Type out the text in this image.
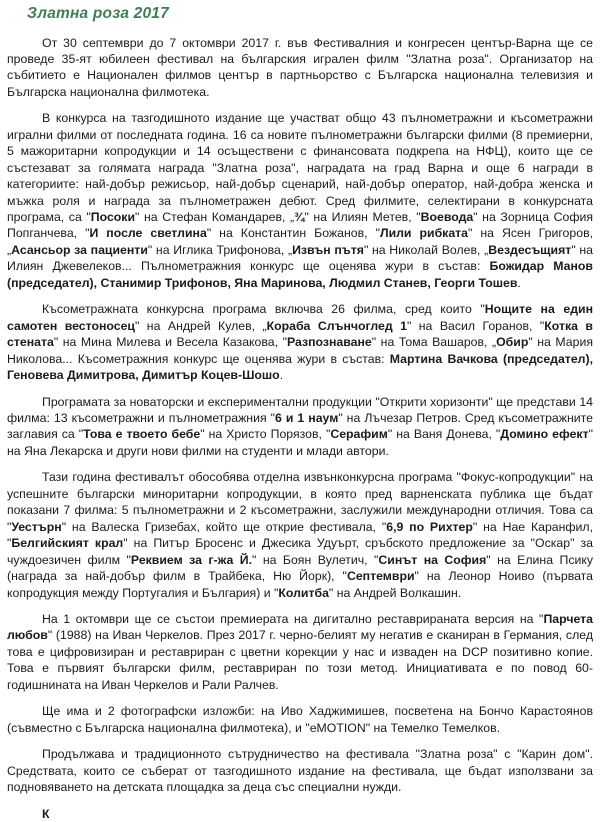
Златна роза 2017

От 30 септември до 7 октомври 2017 г. във Фестивалния и конгресен център-Варна ще се проведе 35-ят юбилеен фестивал на българския игрален филм "Златна роза". Организатор на събитието е Национален филмов център в партньорство с Българска национална телевизия и Българска национална филмотека.

В конкурса на тазгодишното издание ще участват общо 43 пълнометражни и късометражни игрални филми от последната година. 16 са новите пълнометражни български филми (8 премиерни, 5 мажоритарни копродукции и 14 осъществени с финансовата подкрепа на НФЦ), които ще се състезават за голямата награда "Златна роза", наградата на град Варна и още 6 награди в категориите: най-добър режисьор, най-добър сценарий, най-добър оператор, най-добра женска и мъжка роля и награда за пълнометражен дебют. Сред филмите, селектирани в конкурсната програма, са "Посоки" на Стефан Командарев, „¾" на Илиян Метев, "Воевода" на Зорница София Попганчева, "И после светлина" на Константин Божанов, "Лили рибката" на Ясен Григоров, „Асансьор за пациенти" на Иглика Трифонова, „Извън пътя" на Николай Волев, „Вездесъщият" на Илиян Джевелеков... Пълнометражния конкурс ще оценява жури в състав: Божидар Манов (председател), Станимир Трифонов, Яна Маринова, Людмил Станев, Георги Тошев.

Късометражната конкурсна програма включва 26 филма, сред които "Нощите на един самотен вестоносец" на Андрей Кулев, „Кораба Слънчоглед 1" на Васил Горанов, "Котка в стената" на Мина Милева и Весела Казакова, "Разпознаване" на Тома Вашаров, „Обир" на Мария Николова... Късометражния конкурс ще оценява жури в състав: Мартина Вачкова (председател), Геновева Димитрова, Димитър Коцев-Шошо.

Програмата за новаторски и експериментални продукции "Открити хоризонти" ще представи 14 филма: 13 късометражни и пълнометражния "6 и 1 наум" на Лъчезар Петров. Сред късометражните заглавия са "Това е твоето бебе" на Христо Порязов, "Серафим" на Ваня Донева, "Домино ефект" на Яна Лекарска и други нови филми на студенти и млади автори.

Тази година фестивалът обособява отделна извънконкурсна програма "Фокус-копродукции" на успешните български миноритарни копродукции, в която пред варненската публика ще бъдат показани 7 филма: 5 пълнометражни и 2 късометражни, заслужили международни отличия. Това са "Уестърн" на Валеска Гризебах, който ще открие фестивала, "6,9 по Рихтер" на Нае Каранфил, "Белгийският крал" на Питър Бросенс и Джесика Удуърт, сръбското предложение за "Оскар" за чуждоезичен филм "Реквием за г-жа Й." на Боян Вулетич, "Синът на София" на Елина Псику (награда за най-добър филм в Трайбека, Ню Йорк), "Септември" на Леонор Ноиво (първата копродукция между Португалия и България) и "Колитба" на Андрей Волкашин.

На 1 октомври ще се състои премиерата на дигитално реставрираната версия на "Парчета любов" (1988) на Иван Черкелов. През 2017 г. черно-белият му негатив е сканиран в Германия, след това е цифровизиран и реставриран с цветни корекции у нас и изваден на DCP позитивно копие. Това е първият български филм, реставриран по този метод. Инициативата е по повод 60-годишнината на Иван Черкелов и Рали Ралчев.

Ще има и 2 фотографски изложби: на Иво Хаджимишев, посветена на Бончо Карастоянов (съвместно с Българска национална филмотека), и "eMOTION" на Темелко Темелков.

Продължава и традиционното сътрудничество на фестивала "Златна роза" с "Карин дом". Средствата, които се съберат от тазгодишното издание на фестивала, ще бъдат използвани за подновяването на детската площадка за деца със специални нужди.

К
